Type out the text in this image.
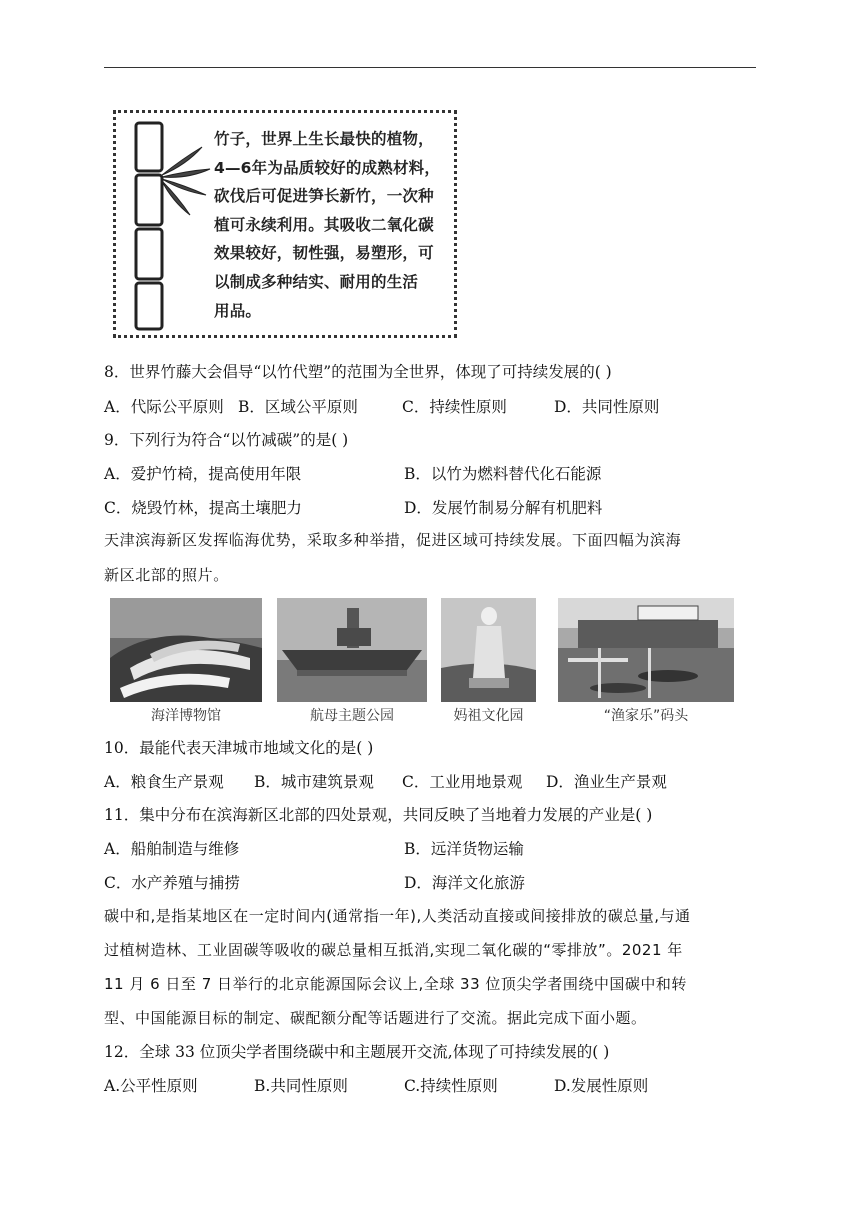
竹子，世界上生长最快的植物，
4—6年为品质较好的成熟材料，
砍伐后可促进笋长新竹，一次种
植可永续利用。其吸收二氧化碳
效果较好，韧性强，易塑形，可
以制成多种结实、耐用的生活
用品。
8．世界竹藤大会倡导“以竹代塑”的范围为全世界，体现了可持续发展的( )
A．代际公平原则 B．区域公平原则	C．持续性原则	D．共同性原则
9．下列行为符合“以竹减碳”的是( )
A．爱护竹椅，提高使用年限	B．以竹为燃料替代化石能源
C．烧毁竹林，提高土壤肥力	D．发展竹制易分解有机肥料
天津滨海新区发挥临海优势，采取多种举措，促进区域可持续发展。下面四幅为滨海
新区北部的照片。
海洋博物馆	航母主题公园	妈祖文化园	“渔家乐”码头
10．最能代表天津城市地域文化的是( )
A．粮食生产景观 B．城市建筑景观 C．工业用地景观 D．渔业生产景观
11．集中分布在滨海新区北部的四处景观，共同反映了当地着力发展的产业是( )
A．船舶制造与维修	B．远洋货物运输
C．水产养殖与捕捞	D．海洋文化旅游
碳中和,是指某地区在一定时间内(通常指一年),人类活动直接或间接排放的碳总量,与通
过植树造林、工业固碳等吸收的碳总量相互抵消,实现二氧化碳的“零排放”。2021 年
11 月 6 日至 7 日举行的北京能源国际会议上,全球 33 位顶尖学者围绕中国碳中和转
型、中国能源目标的制定、碳配额分配等话题进行了交流。据此完成下面小题。
12．全球 33 位顶尖学者围绕碳中和主题展开交流,体现了可持续发展的( )
A.公平性原则	B.共同性原则	C.持续性原则	D.发展性原则
